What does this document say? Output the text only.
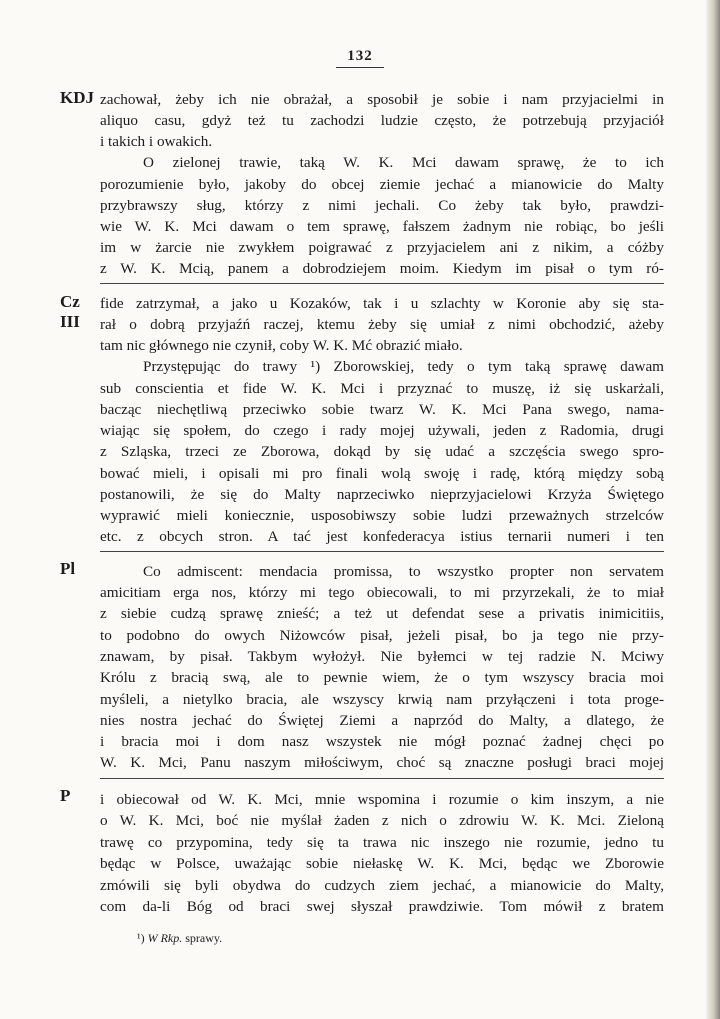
132
KDJ zachował, żeby ich nie obrażał, a sposobił je sobie i nam przyjacielmi in
aliquo casu, gdyż też tu zachodzi ludzie często, że potrzebują przyjaciół
i takich i owakich.
O zielonej trawie, taką W. K. Mci dawam sprawę, że to ich
porozumienie było, jakoby do obcej ziemie jechać a mianowicie do Malty
przybrawszy sług, którzy z nimi jechali. Co żeby tak było, prawdzi-
wie W. K. Mci dawam o tem sprawę, fałszem żadnym nie robiąc, bo jeśli
im w żarcie nie zwykłem poigrawać z przyjacielem ani z nikim, a cóżby
z W. K. Mcią, panem a dobrodziejem moim. Kiedym im pisał o tym ró-
Cz
III
fide zatrzymał, a jako u Kozaków, tak i u szlachty w Koronie aby się sta-
rał o dobrą przyjaźń raczej, ktemu żeby się umiał z nimi obchodzić, ażeby
tam nic głównego nie czynił, coby W. K. Mć obrazić miało.
Przystępując do trawy ¹) Zborowskiej, tedy o tym taką sprawę dawam
sub conscientia et fide W. K. Mci i przyznać to muszę, iż się uskarżali,
bacząc niechętliwą przeciwko sobie twarz W. K. Mci Pana swego, nama-
wiając się społem, do czego i rady mojej używali, jeden z Radomia, drugi
z Szląska, trzeci ze Zborowa, dokąd by się udać a szczęścia swego spro-
bować mieli, i opisali mi pro finali wolą swoję i radę, którą między sobą
postanowili, że się do Malty naprzeciwko nieprzyjacielowi Krzyża Świętego
wyprawić mieli koniecznie, usposobiwszy sobie ludzi przeważnych strzelców
etc. z obcych stron. A tać jest konfederacya istius ternarii numeri i ten
Pl	Co admiscent: mendacia promissa, to wszystko propter non servatem
amicitiam erga nos, którzy mi tego obiecowali, to mi przyrzekali, że to miał
z siebie cudzą sprawę znieść; a też ut defendat sese a privatis inimicitiis,
to podobno do owych Niżowców pisał, jeżeli pisał, bo ja tego nie przy-
znawam, by pisał. Takbym wyłożył. Nie byłemci w tej radzie N. Mciwy
Królu z bracią swą, ale to pewnie wiem, że o tym wszyscy bracia moi
myśleli, a nietylko bracia, ale wszyscy krwią nam przyłączeni i tota proge-
nies nostra jechać do Świętej Ziemi a naprzód do Malty, a dlatego, że
i bracia moi i dom nasz wszystek nie mógł poznać żadnej chęci po
W. K. Mci, Panu naszym miłościwym, choć są znaczne posługi braci mojej
P	i obiecował od W. K. Mci, mnie wspomina i rozumie o kim inszym, a nie
o W. K. Mci, boć nie myślał żaden z nich o zdrowiu W. K. Mci. Zieloną
trawę co przypomina, tedy się ta trawa nic inszego nie rozumie, jedno tu
będąc w Polsce, uważając sobie niełaskę W. K. Mci, będąc we Zborowie
zmówili się byli obydwa do cudzych ziem jechać, a mianowicie do Malty,
com da-li Bóg od braci swej słyszał prawdziwie. Tom mówił z bratem
¹) W Rkp. sprawy.
